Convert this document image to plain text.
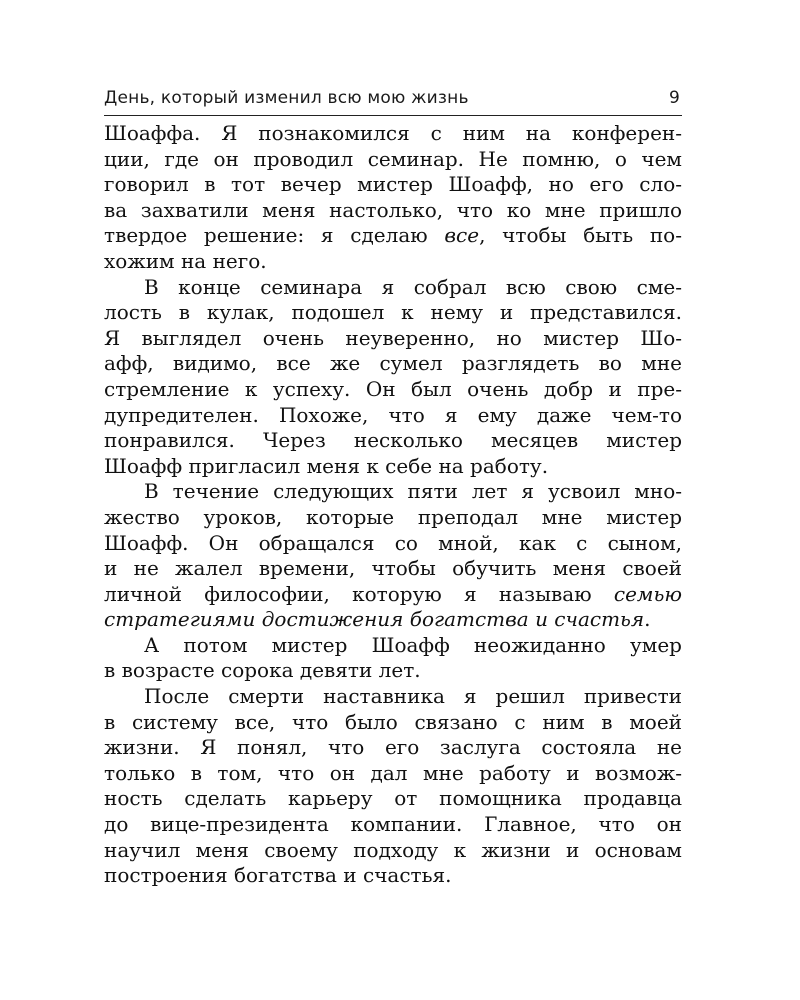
День, который изменил всю мою жизнь	9
Шоаффа. Я познакомился с ним на конферен-
ции, где он проводил семинар. Не помню, о чем
говорил в тот вечер мистер Шоафф, но его сло-
ва захватили меня настолько, что ко мне пришло
твердое решение: я сделаю все, чтобы быть по-
хожим на него.
В конце семинара я собрал всю свою сме-
лость в кулак, подошел к нему и представился.
Я выглядел очень неуверенно, но мистер Шо-
афф, видимо, все же сумел разглядеть во мне
стремление к успеху. Он был очень добр и пре-
дупредителен. Похоже, что я ему даже чем-то
понравился. Через несколько месяцев мистер
Шоафф пригласил меня к себе на работу.
В течение следующих пяти лет я усвоил мно-
жество уроков, которые преподал мне мистер
Шоафф. Он обращался со мной, как с сыном,
и не жалел времени, чтобы обучить меня своей
личной философии, которую я называю семью
стратегиями достижения богатства и счастья.
А потом мистер Шоафф неожиданно умер
в возрасте сорока девяти лет.
После смерти наставника я решил привести
в систему все, что было связано с ним в моей
жизни. Я понял, что его заслуга состояла не
только в том, что он дал мне работу и возмож-
ность сделать карьеру от помощника продавца
до вице-президента компании. Главное, что он
научил меня своему подходу к жизни и основам
построения богатства и счастья.
